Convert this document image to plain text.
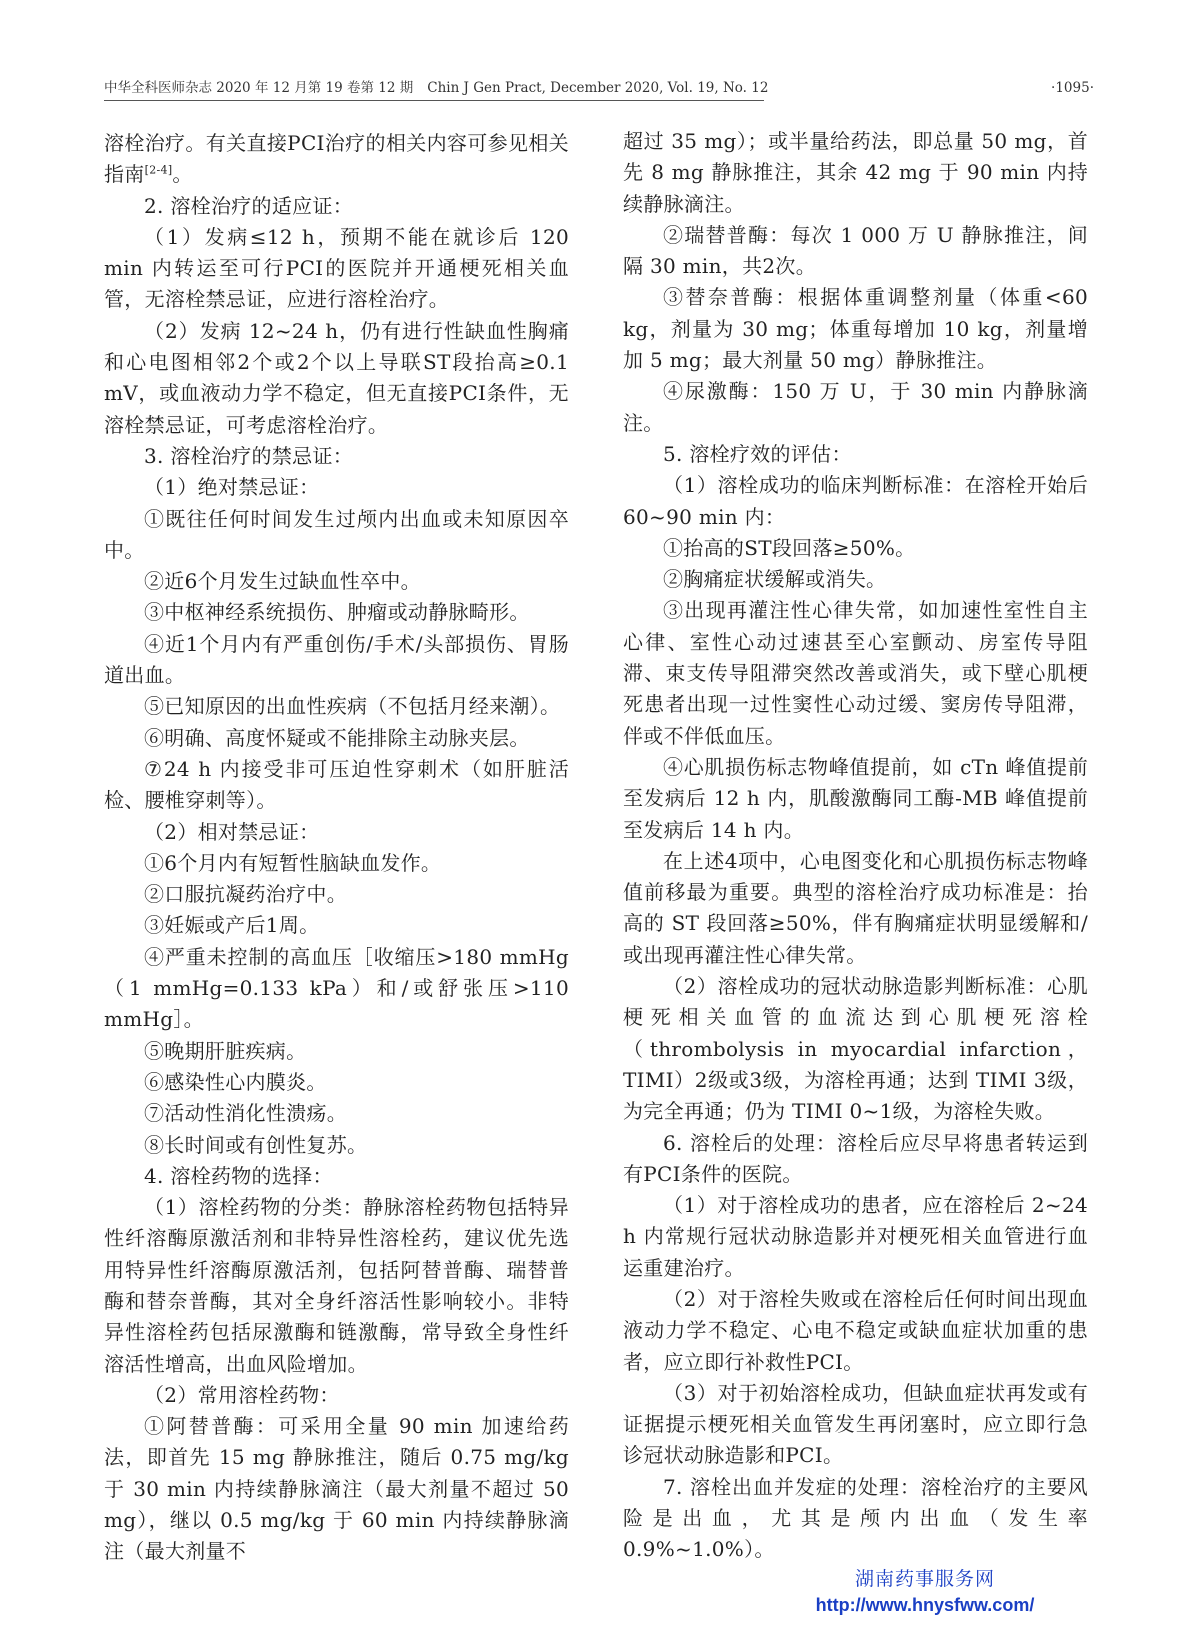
中华全科医师杂志 2020 年 12 月第 19 卷第 12 期 Chin J Gen Pract, December 2020, Vol. 19, No. 12	·1095·

溶栓治疗。有关直接PCI治疗的相关内容可参见相关指南[2-4]。

2. 溶栓治疗的适应证：

（1）发病≤12 h，预期不能在就诊后 120 min 内转运至可行PCI的医院并开通梗死相关血管，无溶栓禁忌证，应进行溶栓治疗。

（2）发病 12~24 h，仍有进行性缺血性胸痛和心电图相邻2个或2个以上导联ST段抬高≥0.1 mV，或血液动力学不稳定，但无直接PCI条件，无溶栓禁忌证，可考虑溶栓治疗。

3. 溶栓治疗的禁忌证：

（1）绝对禁忌证：

①既往任何时间发生过颅内出血或未知原因卒中。

②近6个月发生过缺血性卒中。

③中枢神经系统损伤、肿瘤或动静脉畸形。

④近1个月内有严重创伤/手术/头部损伤、胃肠道出血。

⑤已知原因的出血性疾病（不包括月经来潮）。

⑥明确、高度怀疑或不能排除主动脉夹层。

⑦24 h 内接受非可压迫性穿刺术（如肝脏活检、腰椎穿刺等）。

（2）相对禁忌证：

①6个月内有短暂性脑缺血发作。

②口服抗凝药治疗中。

③妊娠或产后1周。

④严重未控制的高血压［收缩压>180 mmHg（1 mmHg=0.133 kPa）和/或舒张压>110 mmHg］。

⑤晚期肝脏疾病。

⑥感染性心内膜炎。

⑦活动性消化性溃疡。

⑧长时间或有创性复苏。

4. 溶栓药物的选择：

（1）溶栓药物的分类：静脉溶栓药物包括特异性纤溶酶原激活剂和非特异性溶栓药，建议优先选用特异性纤溶酶原激活剂，包括阿替普酶、瑞替普酶和替奈普酶，其对全身纤溶活性影响较小。非特异性溶栓药包括尿激酶和链激酶，常导致全身性纤溶活性增高，出血风险增加。

（2）常用溶栓药物：

①阿替普酶：可采用全量 90 min 加速给药法，即首先 15 mg 静脉推注，随后 0.75 mg/kg 于 30 min 内持续静脉滴注（最大剂量不超过 50 mg），继以 0.5 mg/kg 于 60 min 内持续静脉滴注（最大剂量不

超过 35 mg）；或半量给药法，即总量 50 mg，首先 8 mg 静脉推注，其余 42 mg 于 90 min 内持续静脉滴注。

②瑞替普酶：每次 1 000 万 U 静脉推注，间隔 30 min，共2次。

③替奈普酶：根据体重调整剂量（体重<60 kg，剂量为 30 mg；体重每增加 10 kg，剂量增加 5 mg；最大剂量 50 mg）静脉推注。

④尿激酶：150 万 U，于 30 min 内静脉滴注。

5. 溶栓疗效的评估：

（1）溶栓成功的临床判断标准：在溶栓开始后 60~90 min 内：

①抬高的ST段回落≥50%。

②胸痛症状缓解或消失。

③出现再灌注性心律失常，如加速性室性自主心律、室性心动过速甚至心室颤动、房室传导阻滞、束支传导阻滞突然改善或消失，或下壁心肌梗死患者出现一过性窦性心动过缓、窦房传导阻滞，伴或不伴低血压。

④心肌损伤标志物峰值提前，如 cTn 峰值提前至发病后 12 h 内，肌酸激酶同工酶-MB 峰值提前至发病后 14 h 内。

在上述4项中，心电图变化和心肌损伤标志物峰值前移最为重要。典型的溶栓治疗成功标准是：抬高的 ST 段回落≥50%，伴有胸痛症状明显缓解和/或出现再灌注性心律失常。

（2）溶栓成功的冠状动脉造影判断标准：心肌梗死相关血管的血流达到心肌梗死溶栓（thrombolysis in myocardial infarction，TIMI）2级或3级，为溶栓再通；达到 TIMI 3级，为完全再通；仍为 TIMI 0~1级，为溶栓失败。

6. 溶栓后的处理：溶栓后应尽早将患者转运到有PCI条件的医院。

（1）对于溶栓成功的患者，应在溶栓后 2~24 h 内常规行冠状动脉造影并对梗死相关血管进行血运重建治疗。

（2）对于溶栓失败或在溶栓后任何时间出现血液动力学不稳定、心电不稳定或缺血症状加重的患者，应立即行补救性PCI。

（3）对于初始溶栓成功，但缺血症状再发或有证据提示梗死相关血管发生再闭塞时，应立即行急诊冠状动脉造影和PCI。

7. 溶栓出血并发症的处理：溶栓治疗的主要风险是出血，尤其是颅内出血（发生率0.9%~1.0%）。

湖南药事服务网
http://www.hnysfww.com/
